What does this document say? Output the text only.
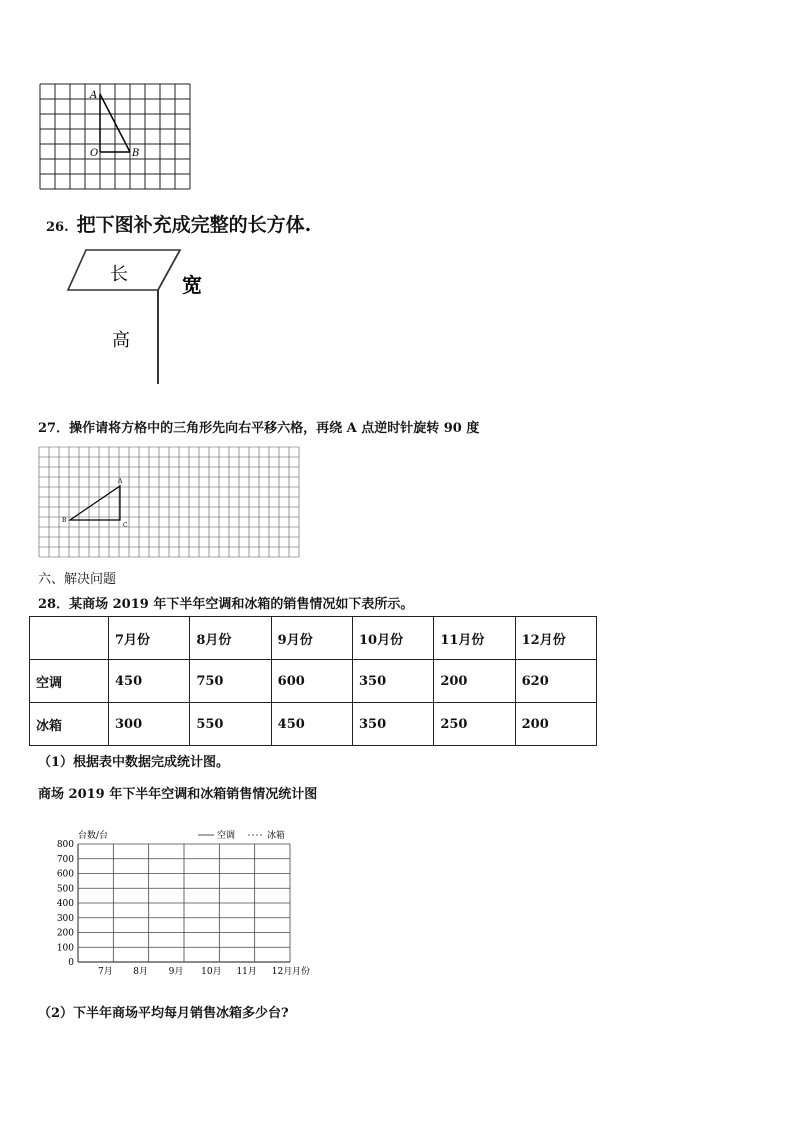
A
O	B
26. 把下图补充成完整的长方体.
长	宽
高
27．操作请将方格中的三角形先向右平移六格，再绕 A 点逆时针旋转 90 度
A
B
C
六、解决问题
28．某商场 2019 年下半年空调和冰箱的销售情况如下表所示。
	7月份	8月份	9月份	10月份	11月份	12月份
空调	450	750	600	350	200	620
冰箱	300	550	450	350	250	200
（1）根据表中数据完成统计图。
商场 2019 年下半年空调和冰箱销售情况统计图
台数/台	空调	冰箱
0
100
200
300
400
500
600
700
800
7月 8月 9月 10月 11月 12月 月份
（2）下半年商场平均每月销售冰箱多少台?
